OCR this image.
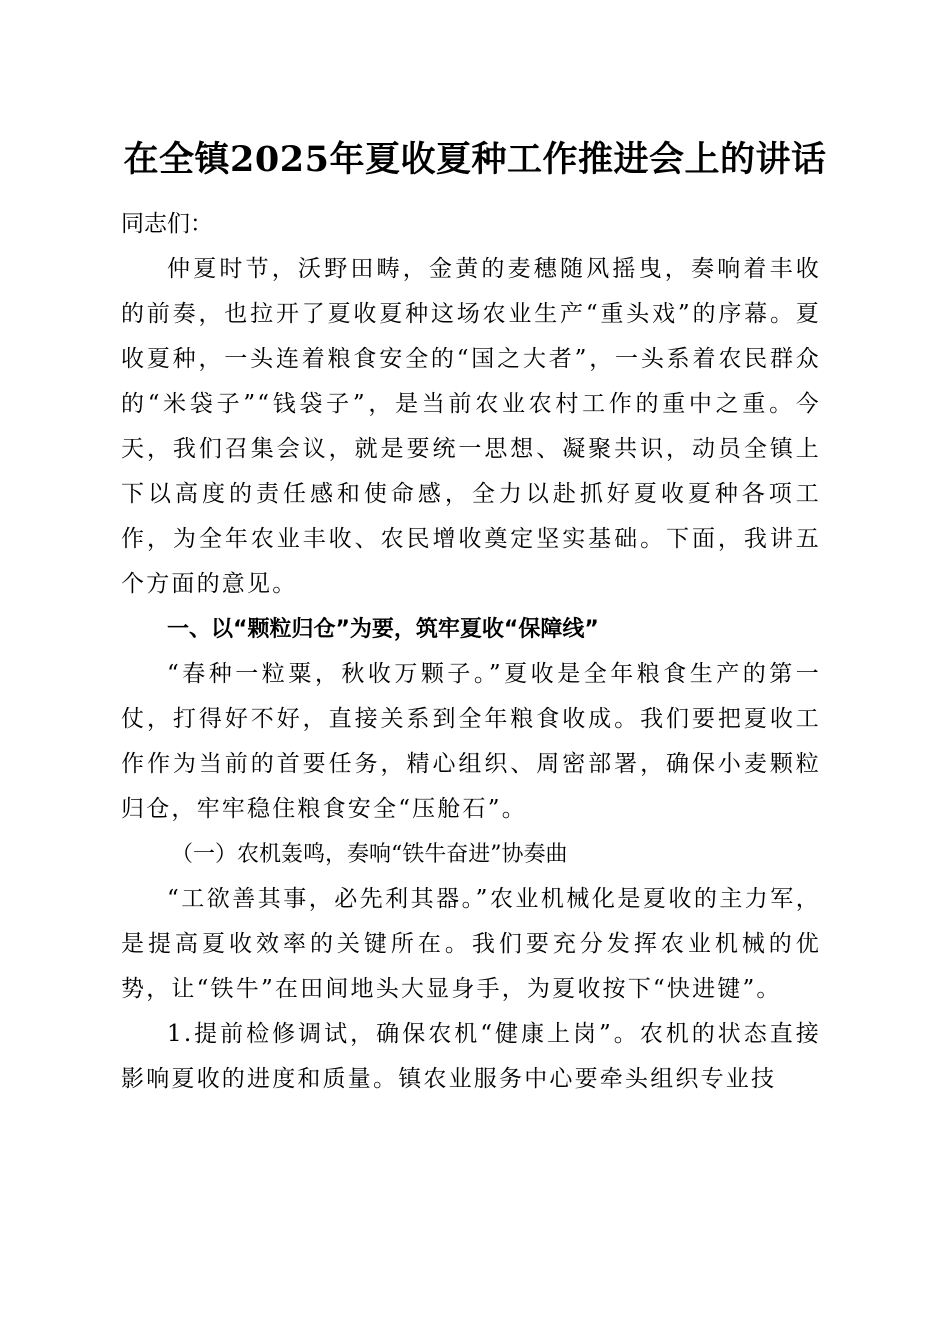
在全镇2025年夏收夏种工作推进会上的讲话
同志们：

仲夏时节，沃野田畴，金黄的麦穗随风摇曳，奏响着丰收的前奏，也拉开了夏收夏种这场农业生产“重头戏”的序幕。夏收夏种，一头连着粮食安全的“国之大者”，一头系着农民群众的“米袋子”“钱袋子”，是当前农业农村工作的重中之重。今天，我们召集会议，就是要统一思想、凝聚共识，动员全镇上下以高度的责任感和使命感，全力以赴抓好夏收夏种各项工作，为全年农业丰收、农民增收奠定坚实基础。下面，我讲五个方面的意见。

一、以“颗粒归仓”为要，筑牢夏收“保障线”

“春种一粒粟，秋收万颗子。”夏收是全年粮食生产的第一仗，打得好不好，直接关系到全年粮食收成。我们要把夏收工作作为当前的首要任务，精心组织、周密部署，确保小麦颗粒归仓，牢牢稳住粮食安全“压舱石”。

（一）农机轰鸣，奏响“铁牛奋进”协奏曲

“工欲善其事，必先利其器。”农业机械化是夏收的主力军，是提高夏收效率的关键所在。我们要充分发挥农业机械的优势，让“铁牛”在田间地头大显身手，为夏收按下“快进键”。

1.提前检修调试，确保农机“健康上岗”。农机的状态直接影响夏收的进度和质量。镇农业服务中心要牵头组织专业技
